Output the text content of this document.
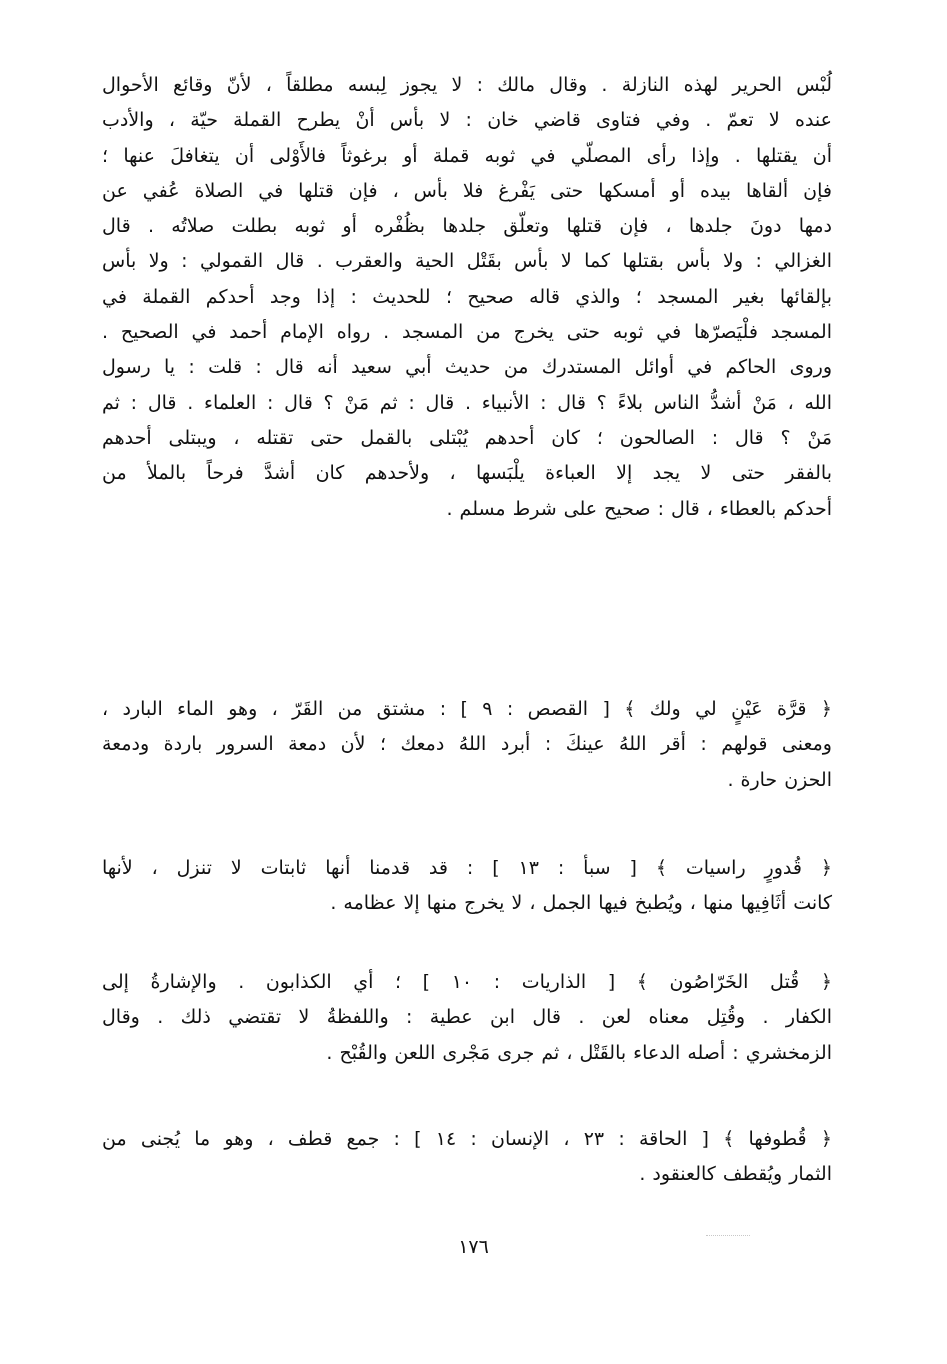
لُبْس الحرير لهذه النازلة . وقال مالك : لا يجوز لِبسه مطلقاً ، لأنّ وقائع الأحوال
عنده لا تعمّ . وفي فتاوى قاضي خان : لا بأس أنْ يطرح القملة حيّة ، والأدب
أن يقتلها . وإذا رأى المصلّي في ثوبه قملة أو برغوثاً فالأَوْلى أن يتغافلَ عنها ؛
فإن ألقاها بيده أو أمسكها حتى يَفْرغ فلا بأس ، فإن قتلها في الصلاة عُفي عن
دمها دونَ جلدها ، فإن قتلها وتعلّق جلدها بظُفْره أو ثوبه بطلت صلاتُه . قال
الغزالي : ولا بأس بقتلها كما لا بأس بقَتْل الحية والعقرب . قال القمولي : ولا بأس
بإلقائها بغير المسجد ؛ والذي قاله صحيح ؛ للحديث : إذا وجد أحدكم القملة في
المسجد فلْيَصرّها في ثوبه حتى يخرج من المسجد . رواه الإمام أحمد في الصحيح .
وروى الحاكم في أوائل المستدرك من حديث أبي سعيد أنه قال : قلت : يا رسول
الله ، مَنْ أشدُّ الناس بلاءً ؟ قال : الأنبياء . قال : ثم مَنْ ؟ قال : العلماء . قال : ثم
مَنْ ؟ قال : الصالحون ؛ كان أحدهم يُبْتلى بالقمل حتى تقتله ، ويبتلى أحدهم
بالفقر حتى لا يجد إلا العباءة يلْبَسها ، ولأحدهم كان أشدَّ فرحاً بالملأ من
أحدكم بالعطاء ، قال : صحيح على شرط مسلم .
﴿ قرَّة عَيْنٍ لي ولك ﴾ [ القصص : ٩ ] : مشتق من القَرّ ، وهو الماء البارد ،
ومعنى قولهم : أقر اللهُ عينكَ : أبرد اللهُ دمعك ؛ لأن دمعة السرور باردة ودمعة
الحزن حارة .
﴿ قُدورٍ راسيات ﴾ [ سبأ : ١٣ ] : قد قدمنا أنها ثابتات لا تنزل ، لأنها
كانت أثَافِيها منها ، ويُطبخ فيها الجمل ، لا يخرج منها إلا عظامه .
﴿ قُتل الخَرّاصُون ﴾ [ الذاريات : ١٠ ] ؛ أي الكذابون . والإشارةُ إلى
الكفار . وقُتِل معناه لعن . قال ابن عطية : واللفظةُ لا تقتضي ذلك . وقال
الزمخشري : أصله الدعاء بالقَتْل ، ثم جرى مَجْرى اللعن والقُبْح .
﴿ قُطوفها ﴾ [ الحاقة : ٢٣ ، الإنسان : ١٤ ] : جمع قطف ، وهو ما يُجنى من
الثمار ويُقطف كالعنقود .
١٧٦
